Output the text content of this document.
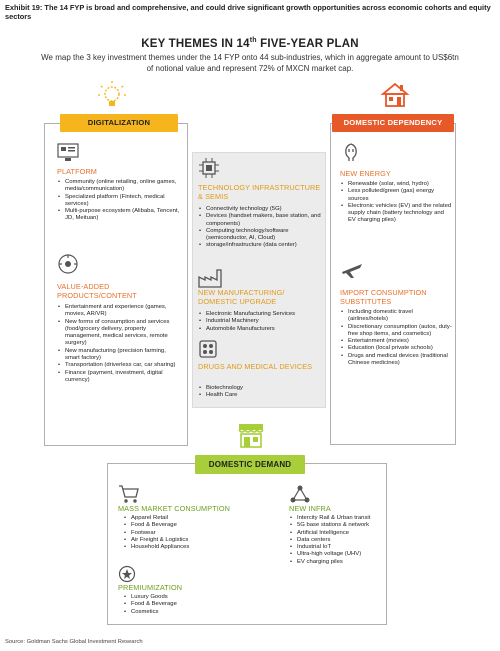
Exhibit 19: The 14 FYP is broad and comprehensive, and could drive significant growth opportunities across economic cohorts and equity sectors
KEY THEMES IN 14th FIVE-YEAR PLAN
We map the 3 key investment themes under the 14 FYP onto 44 sub-industries, which in aggregate amount to US$6tn of notional value and represent 72% of MXCN market cap.
DIGITALIZATION
PLATFORM
• Community (online retailing, online games, media/communication)
• Specialized platform (Fintech, medical services)
• Multi-purpose ecosystem (Alibaba, Tencent, JD, Meituan)
VALUE-ADDED PRODUCTS/CONTENT
• Entertainment and experience (games, movies, AR/VR)
• New forms of consumption and services (food/grocery delivery, property management, medical services, remote surgery)
• New manufacturing (precision farming, smart factory)
• Transportation (driverless car, car sharing)
• Finance (payment, investment, digital currency)
TECHNOLOGY INFRASTRUCTURE & SEMIS
• Connectivity technology (5G)
• Devices (handset makers, base station, and components)
• Computing technology/software (semiconductor, AI, Cloud)
• storage/infrastructure (data center)
NEW MANUFACTURING/ DOMESTIC UPGRADE
• Electronic Manufacturing Services
• Industrial Machinery
• Automobile Manufacturers
DRUGS AND MEDICAL DEVICES
• Biotechnology
• Health Care
DOMESTIC DEPENDENCY
NEW ENERGY
• Renewable (solar, wind, hydro)
• Less polluted/green (gas) energy sources
• Electronic vehicles (EV) and the related supply chain (battery technology and EV charging piles)
IMPORT CONSUMPTION SUBSTITUTES
• Including domestic travel (airlines/hotels)
• Discretionary consumption (autos, duty-free shop items, and cosmetics)
• Entertainment (movies)
• Education (local private schools)
• Drugs and medical devices (traditional Chinese medicines)
DOMESTIC DEMAND
MASS MARKET CONSUMPTION
• Apparel Retail
• Food & Beverage
• Footwear
• Air Freight & Logistics
• Household Appliances
PREMIUMIZATION
• Luxury Goods
• Food & Beverage
• Cosmetics
NEW INFRA
• Intercity Rail & Urban transit
• 5G base stations & network
• Artificial Intelligence
• Data centers
• Industrial IoT
• Ultra-high voltage (UHV)
• EV charging piles
Source: Goldman Sachs Global Investment Research
